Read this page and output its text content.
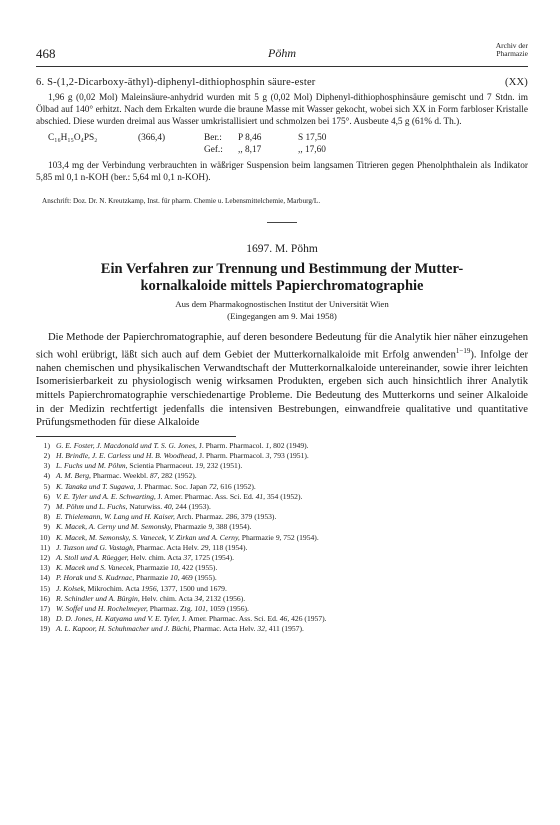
468	Pöhm
Archiv der
Pharmazie
(XX)
6. S-(1,2-Dicarboxy-äthyl)-diphenyl-dithiophosphin säure-ester

1,96 g (0,02 Mol) Maleinsäure-anhydrid wurden mit 5 g (0,02 Mol) Diphenyl-dithiophosphinsäure gemischt und 7 Stdn. im Ölbad auf 140° erhitzt. Nach dem Erkalten wurde die braune Masse mit Wasser gekocht, wobei sich XX in Form farbloser Kristalle abschied. Diese wurden dreimal aus Wasser umkristallisiert und schmolzen bei 175°. Ausbeute 4,5 g (61% d. Th.).

C₁₆H₁₅O₄PS₂	(366,4)	Ber.: P 8,46	S 17,50
Gef.: ,, 8,17	,, 17,60

103,4 mg der Verbindung verbrauchten in wäßriger Suspension beim langsamen Titrieren gegen Phenolphthalein als Indikator 5,85 ml 0,1 n-KOH (ber.: 5,64 ml 0,1 n-KOH).

Anschrift: Doz. Dr. N. Kreutzkamp, Inst. für pharm. Chemie u. Lebensmittelchemie, Marburg/L.
1697. M. Pöhm
Ein Verfahren zur Trennung und Bestimmung der Mutter-
kornalkaloide mittels Papierchromatographie
Aus dem Pharmakognostischen Institut der Universität Wien
(Eingegangen am 9. Mai 1958)

Die Methode der Papierchromatographie, auf deren besondere Bedeutung für die Analytik hier näher einzugehen sich wohl erübrigt, läßt sich auch auf dem Gebiet der Mutterkornalkaloide mit Erfolg anwenden$^{1-19}$). Infolge der nahen chemischen und physikalischen Verwandtschaft der Mutterkornalkaloide untereinander, sowie ihrer leichten Isomerisierbarkeit zu physiologisch wenig wirksamen Produkten, ergeben sich auch hinsichtlich ihrer Analytik mittels Papierchromatographie verschiedenartige Probleme. Die Bedeutung des Mutterkorns und seiner Alkaloide in der Medizin rechtfertigt jedenfalls die intensiven Bestrebungen, einwandfreie qualitative und quantitative Prüfungsmethoden für diese Alkaloide

1) G. E. Foster, J. Macdonald und T. S. G. Jones, J. Pharm. Pharmacol. 1, 802 (1949).
2) H. Brindle, J. E. Carless und H. B. Woodhead, J. Pharm. Pharmacol. 3, 793 (1951).
3) L. Fuchs und M. Pöhm, Scientia Pharmaceut. 19, 232 (1951).
4) A. M. Berg, Pharmac. Weekbl. 87, 282 (1952).
5) K. Tanaka und T. Sugawa, J. Pharmac. Soc. Japan 72, 616 (1952).
6) V. E. Tyler und A. E. Schwarting, J. Amer. Pharmac. Ass. Sci. Ed. 41, 354 (1952).
7) M. Pöhm und L. Fuchs, Naturwiss. 40, 244 (1953).
8) E. Thielemann, W. Lang und H. Kaiser, Arch. Pharmaz. 286, 379 (1953).
9) K. Macek, A. Cerny und M. Semonsky, Pharmazie 9, 388 (1954).
10) K. Macek, M. Semonsky, S. Vanecek, V. Zirkan und A. Cerny, Pharmazie 9, 752 (1954).
11) J. Tuzson und G. Vastagh, Pharmac. Acta Helv. 29, 118 (1954).
12) A. Stoll und A. Rüegger, Helv. chim. Acta 37, 1725 (1954).
13) K. Macek und S. Vanecek, Pharmazie 10, 422 (1955).
14) P. Horak und S. Kudrnac, Pharmazie 10, 469 (1955).
15) J. Kolsek, Mikrochim. Acta 1956, 1377, 1500 und 1679.
16) R. Schindler und A. Bürgin, Helv. chim. Acta 34, 2132 (1956).
17) W. Soffel und H. Rochelmeyer, Pharmaz. Ztg. 101, 1059 (1956).
18) D. D. Jones, H. Katyama und V. E. Tyler, J. Amer. Pharmac. Ass. Sci. Ed. 46, 426 (1957).
19) A. L. Kapoor, H. Schuhmacher und J. Büchi, Pharmac. Acta Helv. 32, 411 (1957).
